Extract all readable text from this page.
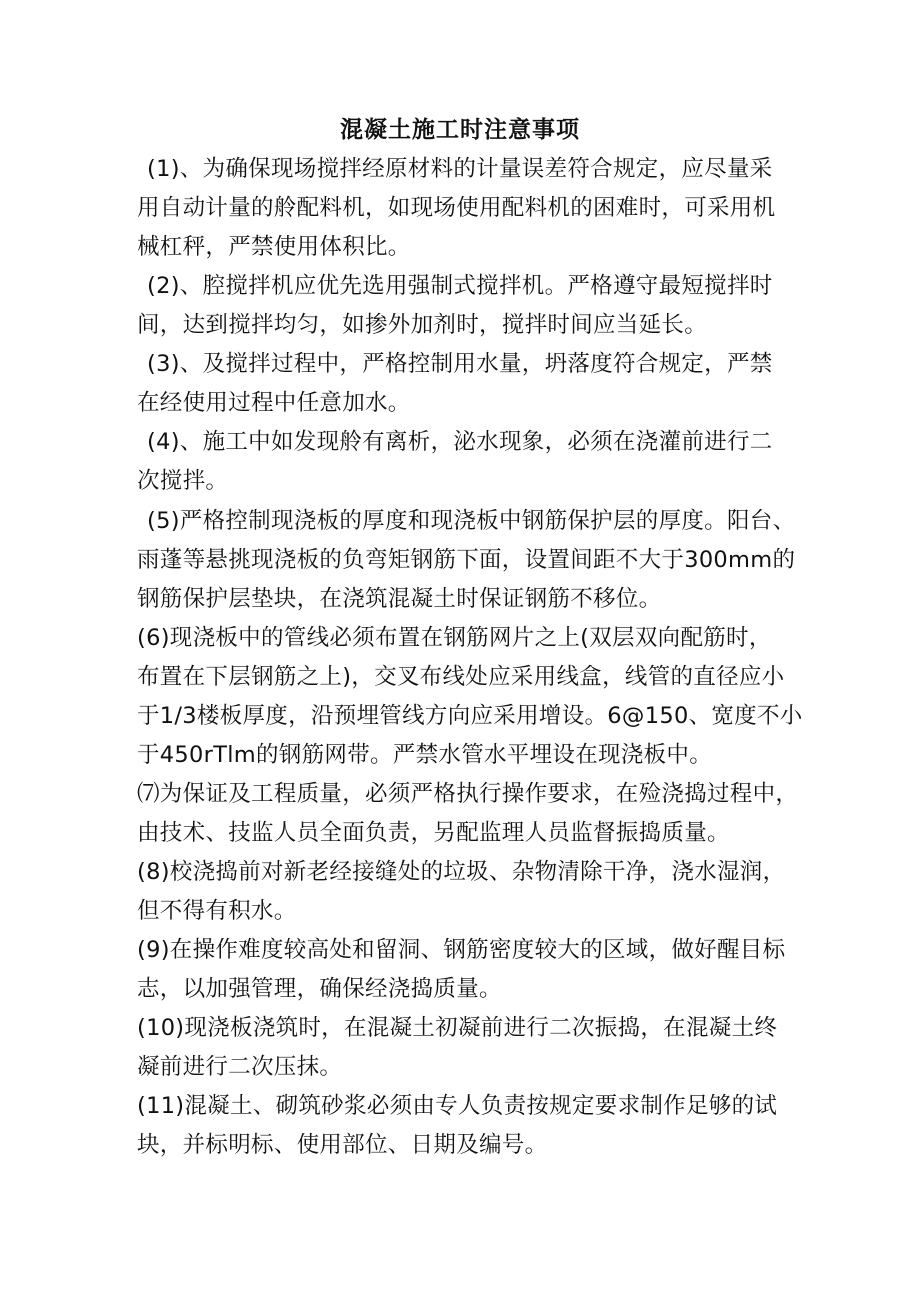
混凝土施工时注意事项
(1)、为确保现场搅拌经原材料的计量误差符合规定，应尽量采
用自动计量的舲配料机，如现场使用配料机的困难时，可采用机
械杠秤，严禁使用体积比。
(2)、腔搅拌机应优先选用强制式搅拌机。严格遵守最短搅拌时
间，达到搅拌均匀，如掺外加剂时，搅拌时间应当延长。
(3)、及搅拌过程中，严格控制用水量，坍落度符合规定，严禁
在经使用过程中任意加水。
(4)、施工中如发现舲有离析，泌水现象，必须在浇灌前进行二
次搅拌。
(5)严格控制现浇板的厚度和现浇板中钢筋保护层的厚度。阳台、
雨蓬等悬挑现浇板的负弯矩钢筋下面，设置间距不大于300mm的
钢筋保护层垫块，在浇筑混凝土时保证钢筋不移位。
(6)现浇板中的管线必须布置在钢筋网片之上(双层双向配筋时，
布置在下层钢筋之上)，交叉布线处应采用线盒，线管的直径应小
于1/3楼板厚度，沿预埋管线方向应采用增设。6@150、宽度不小
于450rTlm的钢筋网带。严禁水管水平埋设在现浇板中。
⑺为保证及工程质量，必须严格执行操作要求，在殓浇捣过程中，
由技术、技监人员全面负责，另配监理人员监督振捣质量。
(8)校浇捣前对新老经接缝处的垃圾、杂物清除干净，浇水湿润，
但不得有积水。
(9)在操作难度较高处和留洞、钢筋密度较大的区域，做好醒目标
志，以加强管理，确保经浇捣质量。
(10)现浇板浇筑时，在混凝土初凝前进行二次振捣，在混凝土终
凝前进行二次压抹。
(11)混凝土、砌筑砂浆必须由专人负责按规定要求制作足够的试
块，并标明标、使用部位、日期及编号。
